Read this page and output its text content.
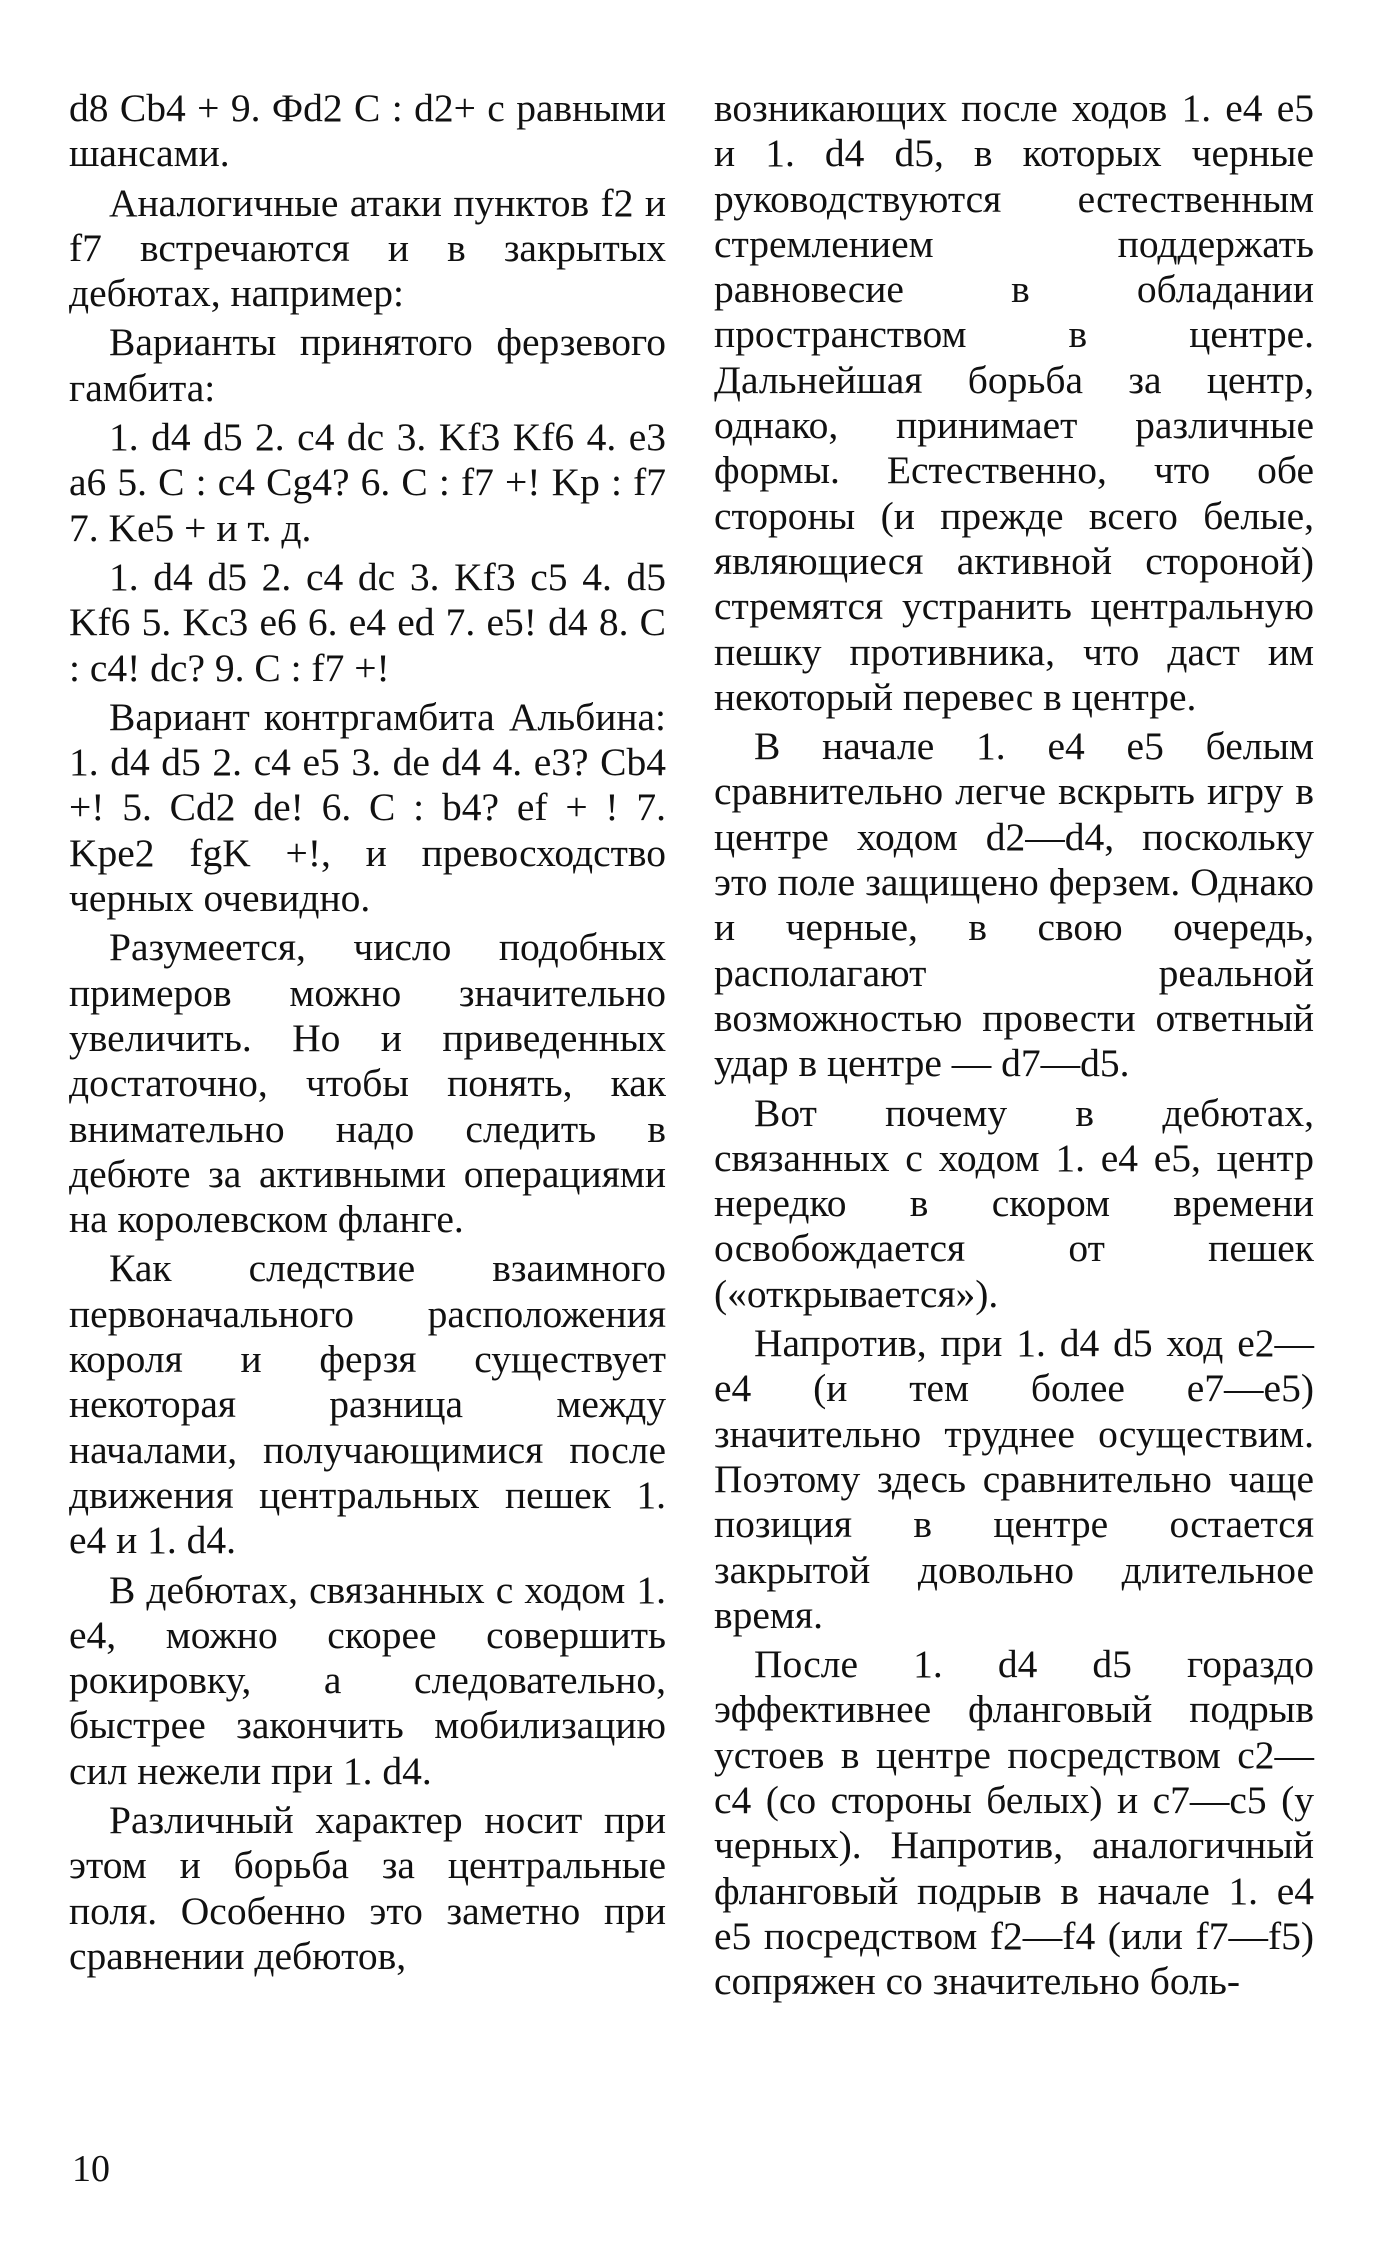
d8 Cb4 + 9. Фd2 C : d2+ c равными шансами.

Аналогичные атаки пунктов f2 и f7 встречаются и в закрытых дебютах, например:

Варианты принятого ферзевого гамбита:

1. d4 d5 2. c4 dc 3. Kf3 Kf6 4. e3 a6 5. C : c4 Cg4? 6. C : f7 +! Kp : f7 7. Ke5 + и т. д.

1. d4 d5 2. c4 dc 3. Kf3 c5 4. d5 Kf6 5. Kc3 e6 6. e4 ed 7. e5! d4 8. C : c4! dc? 9. C : f7 +!

Вариант контргамбита Альбина: 1. d4 d5 2. c4 e5 3. de d4 4. e3? Cb4 +! 5. Cd2 de! 6. C : b4? ef + ! 7. Kpe2 fgK +!, и превосходство черных очевидно.

Разумеется, число подобных примеров можно значительно увеличить. Но и приведенных достаточно, чтобы понять, как внимательно надо следить в дебюте за активными операциями на королевском фланге.

Как следствие взаимного первоначального расположения короля и ферзя существует некоторая разница между началами, получающимися после движения центральных пешек 1. e4 и 1. d4.

В дебютах, связанных с ходом 1. e4, можно скорее совершить рокировку, а следовательно, быстрее закончить мобилизацию сил нежели при 1. d4.

Различный характер носит при этом и борьба за центральные поля. Особенно это заметно при сравнении дебютов,

возникающих после ходов 1. e4 e5 и 1. d4 d5, в которых черные руководствуются естественным стремлением поддержать равновесие в обладании пространством в центре. Дальнейшая борьба за центр, однако, принимает различные формы. Естественно, что обе стороны (и прежде всего белые, являющиеся активной стороной) стремятся устранить центральную пешку противника, что даст им некоторый перевес в центре.

В начале 1. e4 e5 белым сравнительно легче вскрыть игру в центре ходом d2—d4, поскольку это поле защищено ферзем. Однако и черные, в свою очередь, располагают реальной возможностью провести ответный удар в центре — d7—d5.

Вот почему в дебютах, связанных с ходом 1. e4 e5, центр нередко в скором времени освобождается от пешек («открывается»).

Напротив, при 1. d4 d5 ход e2—e4 (и тем более e7—e5) значительно труднее осуществим. Поэтому здесь сравнительно чаще позиция в центре остается закрытой довольно длительное время.

После 1. d4 d5 гораздо эффективнее фланговый подрыв устоев в центре посредством c2—c4 (со стороны белых) и c7—c5 (у черных). Напротив, аналогичный фланговый подрыв в начале 1. e4 e5 посредством f2—f4 (или f7—f5) сопряжен со значительно боль-

10
